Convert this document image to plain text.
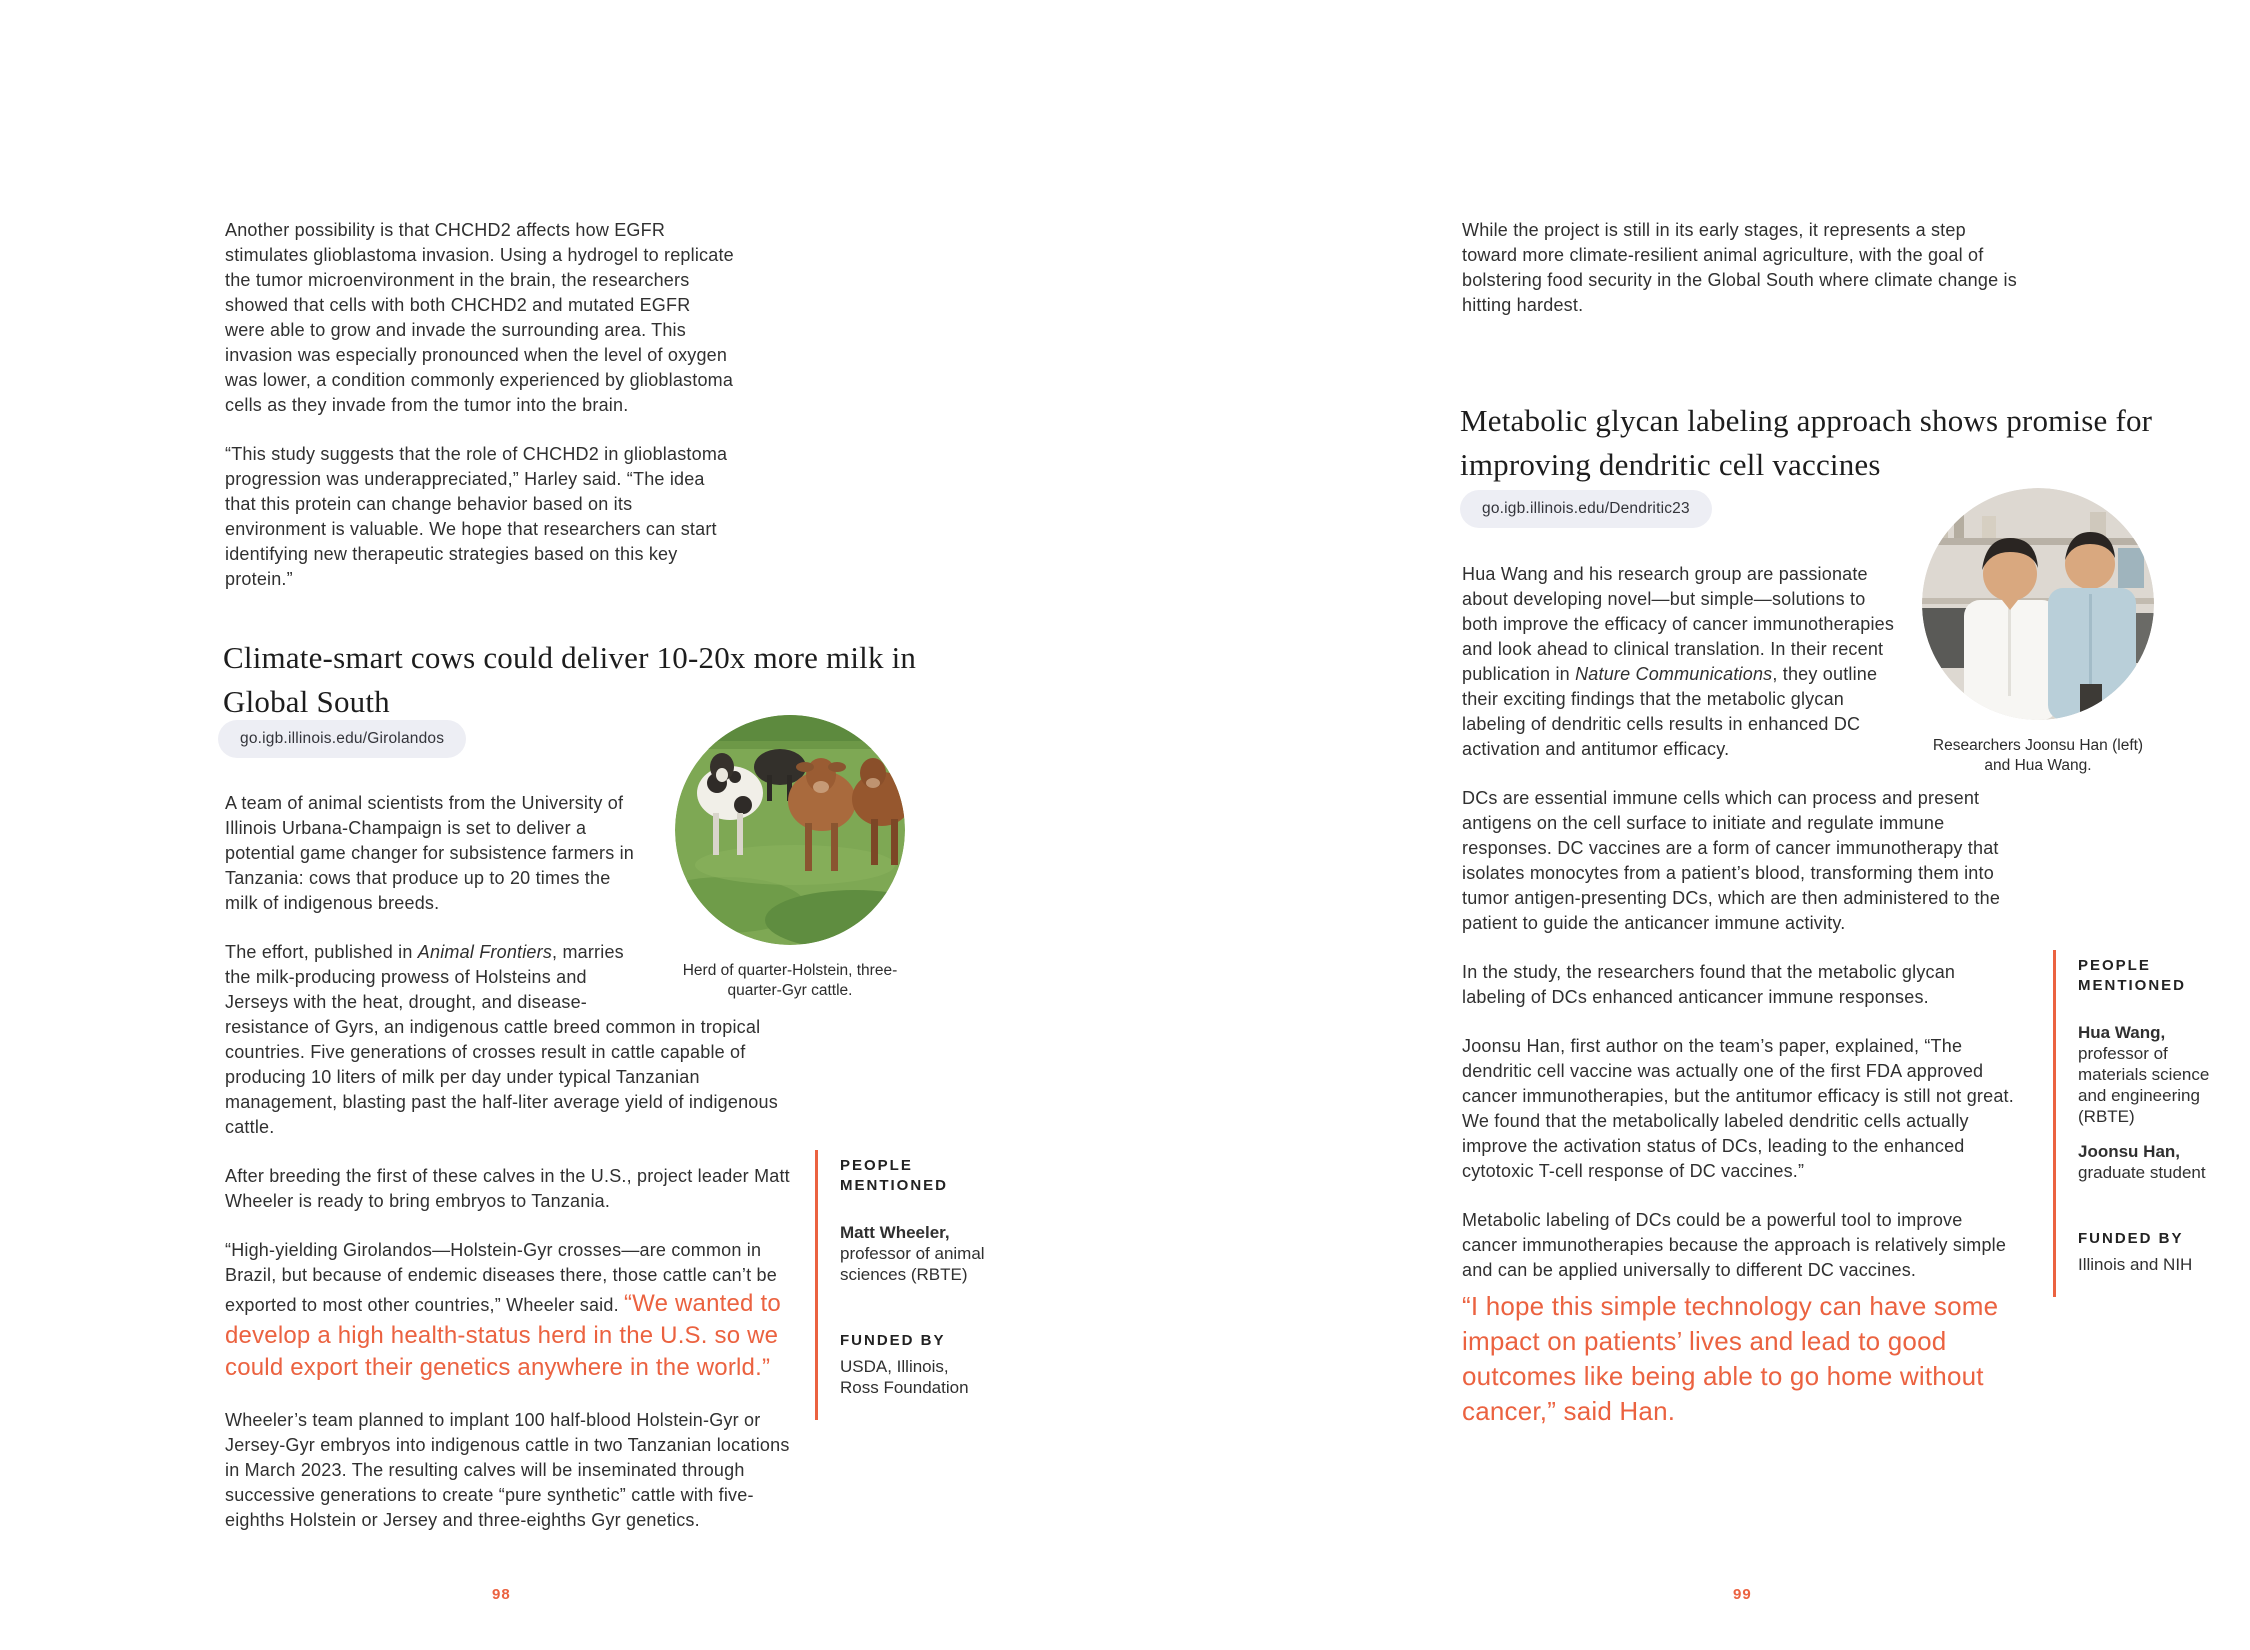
Another possibility is that CHCHD2 affects how EGFR stimulates glioblastoma invasion. Using a hydrogel to replicate the tumor microenvironment in the brain, the researchers showed that cells with both CHCHD2 and mutated EGFR were able to grow and invade the surrounding area. This invasion was especially pronounced when the level of oxygen was lower, a condition commonly experienced by glioblastoma cells as they invade from the tumor into the brain.

“This study suggests that the role of CHCHD2 in glioblastoma progression was underappreciated,” Harley said. “The idea that this protein can change behavior based on its environment is valuable. We hope that researchers can start identifying new therapeutic strategies based on this key protein.”

Climate-smart cows could deliver 10-20x more milk in Global South
go.igb.illinois.edu/Girolandos
Herd of quarter-Holstein, three-quarter-Gyr cattle.

A team of animal scientists from the University of Illinois Urbana-Champaign is set to deliver a potential game changer for subsistence farmers in Tanzania: cows that produce up to 20 times the milk of indigenous breeds.

The effort, published in Animal Frontiers, marries the milk-producing prowess of Holsteins and Jerseys with the heat, drought, and disease-resistance of Gyrs, an indigenous cattle breed common in tropical countries. Five generations of crosses result in cattle capable of producing 10 liters of milk per day under typical Tanzanian management, blasting past the half-liter average yield of indigenous cattle.

After breeding the first of these calves in the U.S., project leader Matt Wheeler is ready to bring embryos to Tanzania.

“High-yielding Girolandos—Holstein-Gyr crosses—are common in Brazil, but because of endemic diseases there, those cattle can’t be exported to most other countries,” Wheeler said. “We wanted to develop a high health-status herd in the U.S. so we could export their genetics anywhere in the world.”

Wheeler’s team planned to implant 100 half-blood Holstein-Gyr or Jersey-Gyr embryos into indigenous cattle in two Tanzanian locations in March 2023. The resulting calves will be inseminated through successive generations to create “pure synthetic” cattle with five-eighths Holstein or Jersey and three-eighths Gyr genetics.

PEOPLE MENTIONED

Matt Wheeler, professor of animal sciences (RBTE)

FUNDED BY
USDA, Illinois, Ross Foundation
98

While the project is still in its early stages, it represents a step toward more climate-resilient animal agriculture, with the goal of bolstering food security in the Global South where climate change is hitting hardest.

Metabolic glycan labeling approach shows promise for improving dendritic cell vaccines
go.igb.illinois.edu/Dendritic23
Researchers Joonsu Han (left) and Hua Wang.

Hua Wang and his research group are passionate about developing novel—but simple—solutions to both improve the efficacy of cancer immunotherapies and look ahead to clinical translation. In their recent publication in Nature Communications, they outline their exciting findings that the metabolic glycan labeling of dendritic cells results in enhanced DC activation and antitumor efficacy.

DCs are essential immune cells which can process and present antigens on the cell surface to initiate and regulate immune responses. DC vaccines are a form of cancer immunotherapy that isolates monocytes from a patient’s blood, transforming them into tumor antigen-presenting DCs, which are then administered to the patient to guide the anticancer immune activity.

In the study, the researchers found that the metabolic glycan labeling of DCs enhanced anticancer immune responses.

Joonsu Han, first author on the team’s paper, explained, “The dendritic cell vaccine was actually one of the first FDA approved cancer immunotherapies, but the antitumor efficacy is still not great. We found that the metabolically labeled dendritic cells actually improve the activation status of DCs, leading to the enhanced cytotoxic T-cell response of DC vaccines.”

Metabolic labeling of DCs could be a powerful tool to improve cancer immunotherapies because the approach is relatively simple and can be applied universally to different DC vaccines.

“I hope this simple technology can have some impact on patients’ lives and lead to good outcomes like being able to go home without cancer,” said Han.
PEOPLE MENTIONED

Hua Wang, professor of materials science and engineering (RBTE)

Joonsu Han, graduate student

FUNDED BY
Illinois and NIH
99
